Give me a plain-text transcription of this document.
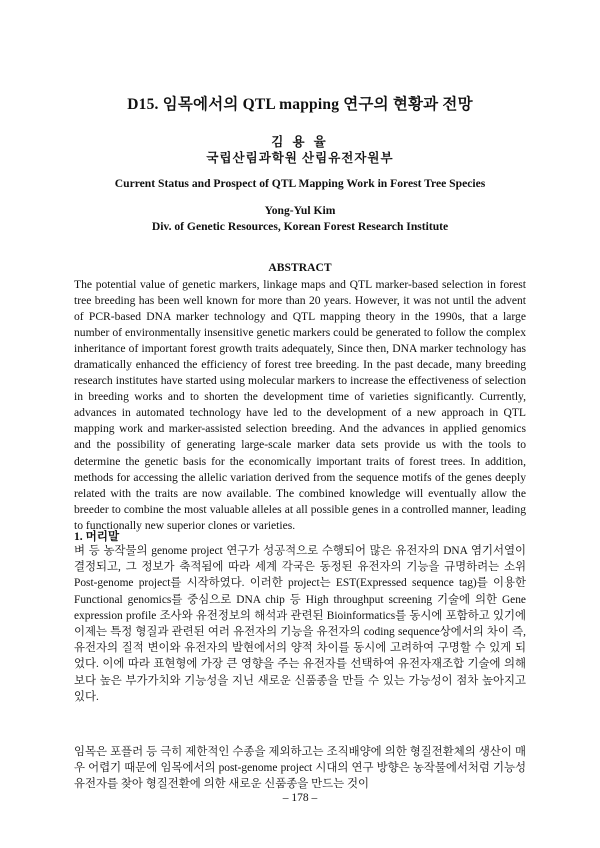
D15. 임목에서의 QTL mapping 연구의 현황과 전망
김 용 율
국립산림과학원 산림유전자원부
Current Status and Prospect of QTL Mapping Work in Forest Tree Species
Yong-Yul Kim
Div. of Genetic Resources, Korean Forest Research Institute
ABSTRACT
The potential value of genetic markers, linkage maps and QTL marker-based selection in forest tree breeding has been well known for more than 20 years. However, it was not until the advent of PCR-based DNA marker technology and QTL mapping theory in the 1990s, that a large number of environmentally insensitive genetic markers could be generated to follow the complex inheritance of important forest growth traits adequately, Since then, DNA marker technology has dramatically enhanced the efficiency of forest tree breeding. In the past decade, many breeding research institutes have started using molecular markers to increase the effectiveness of selection in breeding works and to shorten the development time of varieties significantly. Currently, advances in automated technology have led to the development of a new approach in QTL mapping work and marker-assisted selection breeding. And the advances in applied genomics and the possibility of generating large-scale marker data sets provide us with the tools to determine the genetic basis for the economically important traits of forest trees. In addition, methods for accessing the allelic variation derived from the sequence motifs of the genes deeply related with the traits are now available. The combined knowledge will eventually allow the breeder to combine the most valuable alleles at all possible genes in a controlled manner, leading to functionally new superior clones or varieties.
1. 머리말
벼 등 농작물의 genome project 연구가 성공적으로 수행되어 많은 유전자의 DNA 염기서열이 결정되고, 그 정보가 축적됨에 따라 세계 각국은 동정된 유전자의 기능을 규명하려는 소위 Post-genome project를 시작하였다. 이러한 project는 EST(Expressed sequence tag)를 이용한 Functional genomics를 중심으로 DNA chip 등 High throughput screening 기술에 의한 Gene expression profile 조사와 유전정보의 해석과 관련된 Bioinformatics를 동시에 포함하고 있기에 이제는 특정 형질과 관련된 여러 유전자의 기능을 유전자의 coding sequence상에서의 차이 즉, 유전자의 질적 변이와 유전자의 발현에서의 양적 차이를 동시에 고려하여 구명할 수 있게 되었다. 이에 따라 표현형에 가장 큰 영향을 주는 유전자를 선택하여 유전자재조합 기술에 의해 보다 높은 부가가치와 기능성을 지닌 새로운 신품종을 만들 수 있는 가능성이 점차 높아지고 있다.
임목은 포플러 등 극히 제한적인 수종을 제외하고는 조직배양에 의한 형질전환체의 생산이 매우 어렵기 때문에 임목에서의 post-genome project 시대의 연구 방향은 농작물에서처럼 기능성 유전자를 찾아 형질전환에 의한 새로운 신품종을 만드는 것이
– 178 –
